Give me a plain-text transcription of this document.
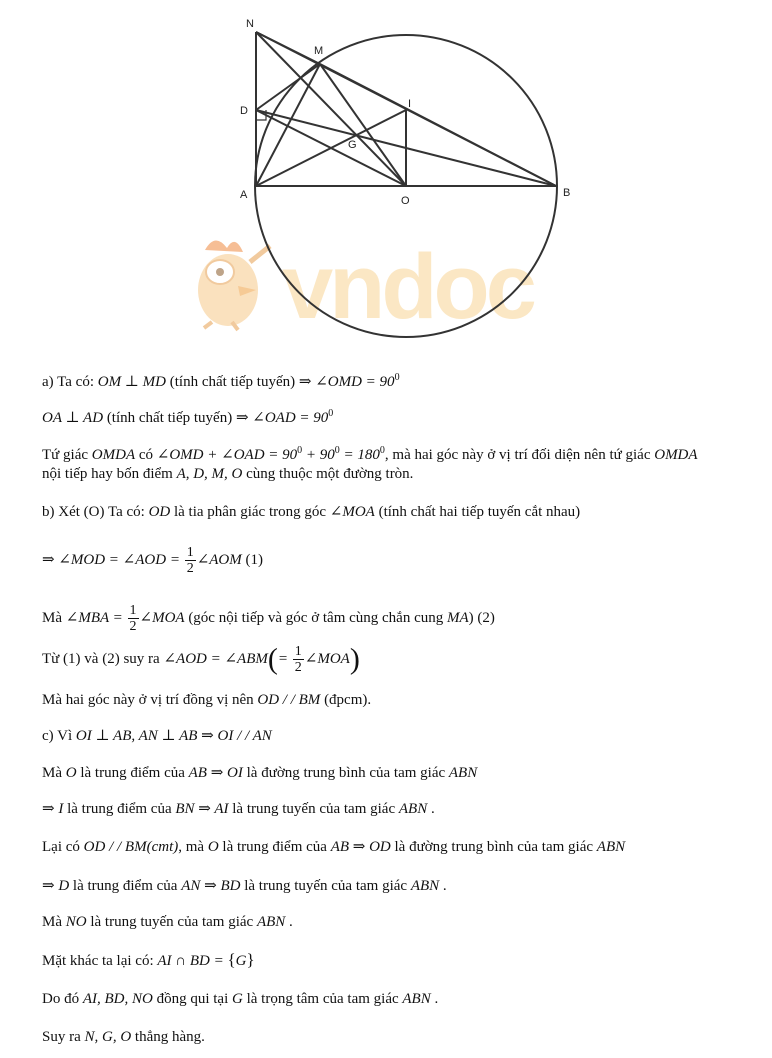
vndoc
N
M
D
I
G
A	O
B
a) Ta có: OM ⊥ MD (tính chất tiếp tuyến) ⇒ ∠OMD = $90^0$
OA ⊥ AD (tính chất tiếp tuyến) ⇒ ∠OAD = $90^0$
Tứ giác OMDA có ∠OMD + ∠OAD = $90^0 + 90^0 = 180^0$, mà hai góc này ở vị trí đối diện nên tứ giác OMDA
nội tiếp hay bốn điểm A, D, M, O cùng thuộc một đường tròn.
b) Xét (O) Ta có: OD là tia phân giác trong góc ∠MOA (tính chất hai tiếp tuyến cắt nhau)
⇒ ∠MOD = ∠AOD = $\frac{1}{2}$ ∠AOM (1)
Mà ∠MBA = $\frac{1}{2}$ ∠MOA (góc nội tiếp và góc ở tâm cùng chắn cung MA) (2)
Từ (1) và (2) suy ra ∠AOD = ∠ABM(= $\frac{1}{2}$ ∠MOA)
Mà hai góc này ở vị trí đồng vị nên OD / / BM (đpcm).
c) Vì OI ⊥ AB, AN ⊥ AB ⇒ OI / / AN
Mà O là trung điểm của AB ⇒ OI là đường trung bình của tam giác ABN
⇒ I là trung điểm của BN ⇒ AI là trung tuyến của tam giác ABN .
Lại có OD / / BM(cmt), mà O là trung điểm của AB ⇒ OD là đường trung bình của tam giác ABN
⇒ D là trung điểm của AN ⇒ BD là trung tuyến của tam giác ABN .
Mà NO là trung tuyến của tam giác ABN .
Mặt khác ta lại có: AI ∩ BD = {G}
Do đó AI, BD, NO đồng qui tại G là trọng tâm của tam giác ABN .
Suy ra N, G, O thẳng hàng.
